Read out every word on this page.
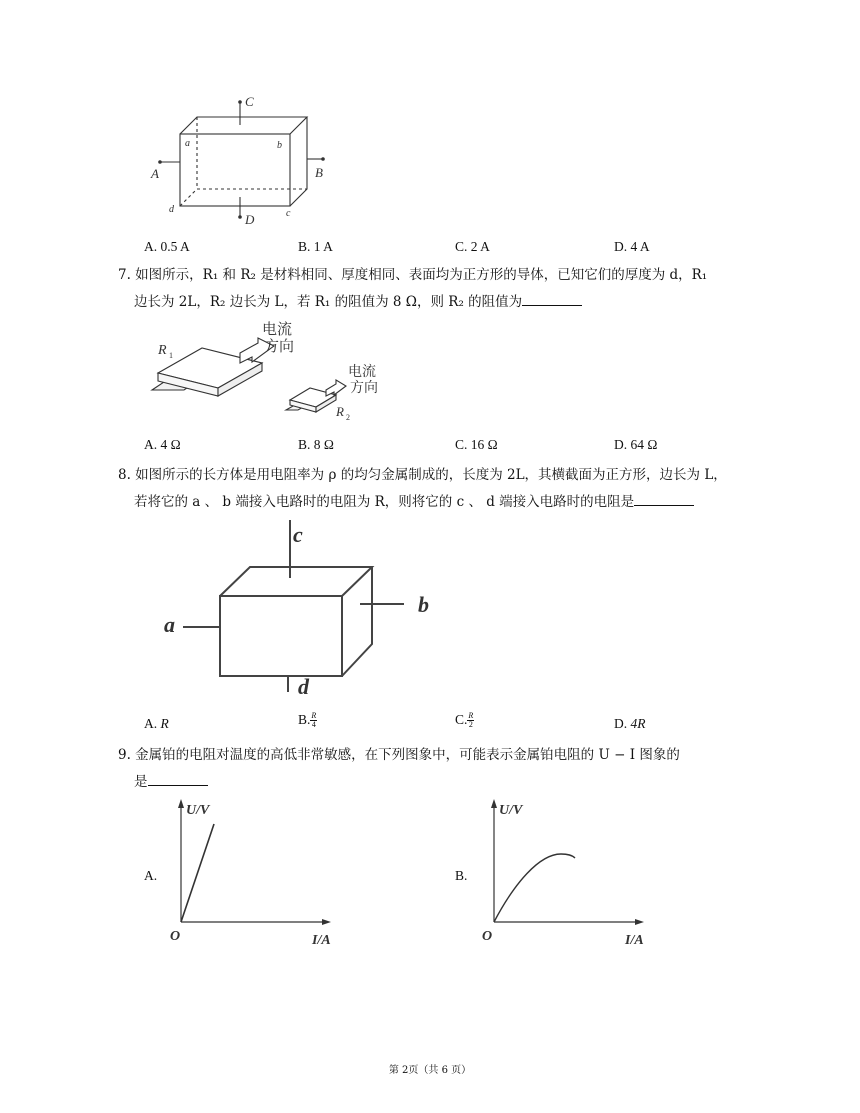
C
D
A	B
a	b
c
d
A. 0.5 A	B. 1 A	C. 2 A	D. 4 A
7. 如图所示，R₁ 和 R₂ 是材料相同、厚度相同、表面均为正方形的导体，已知它们的厚度为 d，R₁
边长为 2L，R₂ 边长为 L，若 R₁ 的阻值为 8 Ω，则 R₂ 的阻值为
R 1
R 2
电流
方向
电流
方向
A. 4 Ω	B. 8 Ω	C. 16 Ω	D. 64 Ω
8. 如图所示的长方体是用电阻率为 ρ 的均匀金属制成的，长度为 2L，其横截面为正方形，边长为 L，
若将它的 a 、 b 端接入电路时的电阻为 R，则将它的 c 、 d 端接入电路时的电阻是
c
d
a
b
A. R	B. $\frac{R}{4}$	C. $\frac{R}{2}$	D. 4R
9. 金属铂的电阻对温度的高低非常敏感，在下列图象中，可能表示金属铂电阻的 U − I 图象的
是
A.
U/V
O	I/A
B.
U/V
O	I/A
第 2页（共 6 页）
